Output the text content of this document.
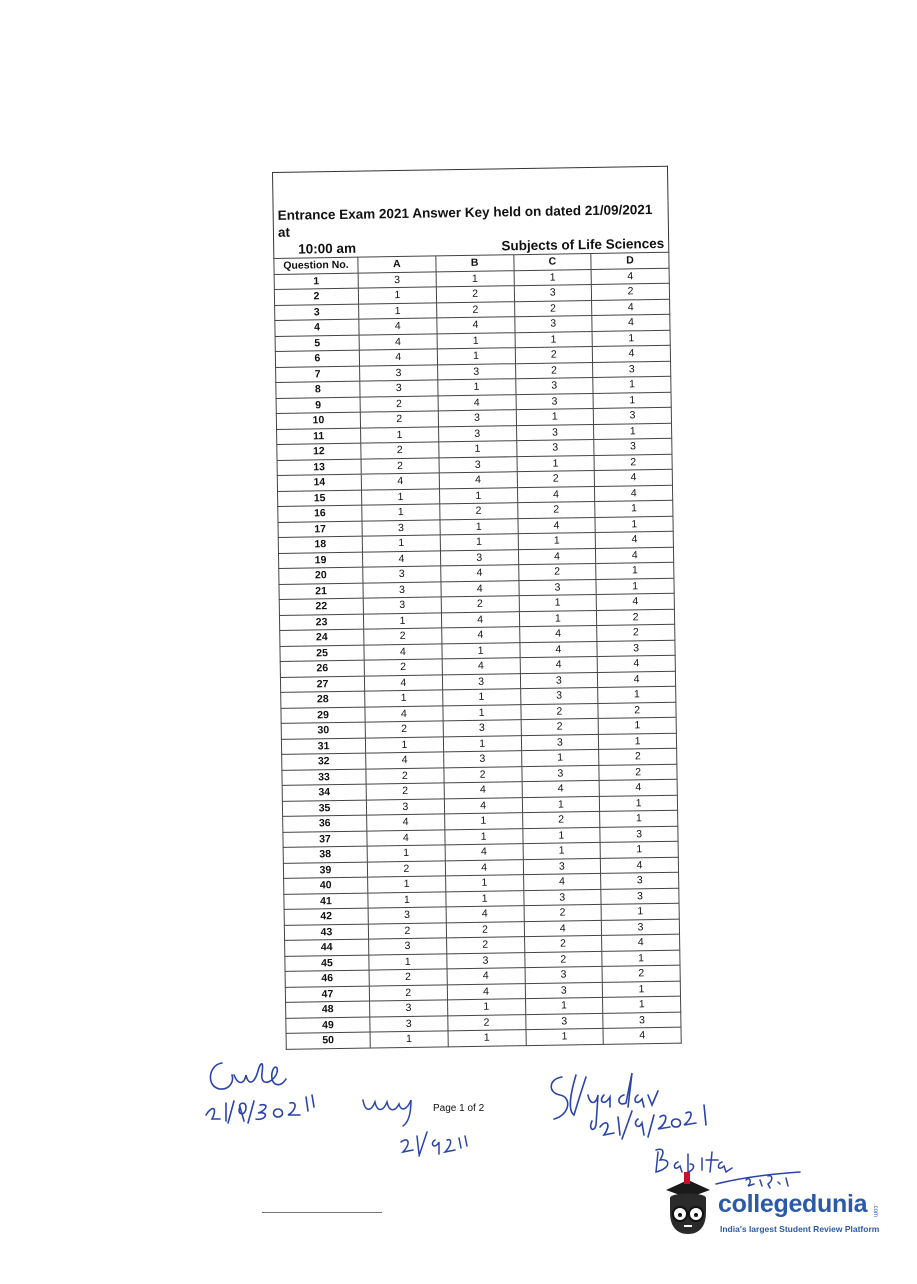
Entrance Exam 2021 Answer Key held on dated 21/09/2021 at
10:00 am	Subjects of Life Sciences
Question No.	A	B	C	D
1	3	1	1	4
2	1	2	3	2
3	1	2	2	4
4	4	4	3	4
5	4	1	1	1
6	4	1	2	4
7	3	3	2	3
8	3	1	3	1
9	2	4	3	1
10	2	3	1	3
11	1	3	3	1
12	2	1	3	3
13	2	3	1	2
14	4	4	2	4
15	1	1	4	4
16	1	2	2	1
17	3	1	4	1
18	1	1	1	4
19	4	3	4	4
20	3	4	2	1
21	3	4	3	1
22	3	2	1	4
23	1	4	1	2
24	2	4	4	2
25	4	1	4	3
26	2	4	4	4
27	4	3	3	4
28	1	1	3	1
29	4	1	2	2
30	2	3	2	1
31	1	1	3	1
32	4	3	1	2
33	2	2	3	2
34	2	4	4	4
35	3	4	1	1
36	4	1	2	1
37	4	1	1	3
38	1	4	1	1
39	2	4	3	4
40	1	1	4	3
41	1	1	3	3
42	3	4	2	1
43	2	2	4	3
44	3	2	2	4
45	1	3	2	1
46	2	4	3	2
47	2	4	3	1
48	3	1	1	1
49	3	2	3	3
50	1	1	1	4
Page 1 of 2
collegedunia .com
India's largest Student Review Platform
